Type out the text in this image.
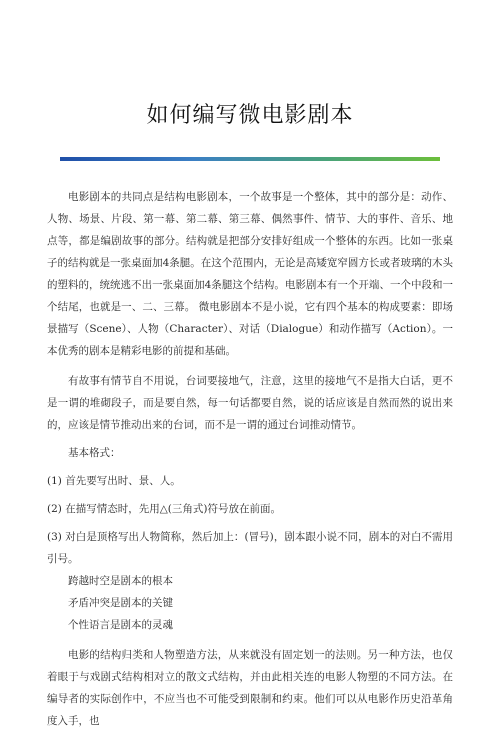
如何编写微电影剧本

电影剧本的共同点是结构电影剧本，一个故事是一个整体，其中的部分是：动作、人物、场景、片段、第一幕、第二幕、第三幕、偶然事件、情节、大的事件、音乐、地点等，都是编剧故事的部分。结构就是把部分安排好组成一个整体的东西。比如一张桌子的结构就是一张桌面加4条腿。在这个范围内，无论是高矮宽窄圆方长或者玻璃的木头的塑料的，统统逃不出一张桌面加4条腿这个结构。电影剧本有一个开端、一个中段和一个结尾，也就是一、二、三幕。 微电影剧本不是小说，它有四个基本的构成要素：即场景描写（Scene）、人物（Character）、对话（Dialogue）和动作描写（Action）。一本优秀的剧本是精彩电影的前提和基础。

有故事有情节自不用说，台词要接地气，注意，这里的接地气不是指大白话，更不是一谓的堆砌段子，而是要自然，每一句话都要自然，说的话应该是自然而然的说出来的，应该是情节推动出来的台词，而不是一谓的通过台词推动情节。

基本格式：

(1) 首先要写出时、景、人。

(2) 在描写情态时，先用△(三角式)符号放在前面。

(3) 对白是顶格写出人物简称，然后加上：(冒号)，剧本跟小说不同，剧本的对白不需用引号。

跨越时空是剧本的根本

矛盾冲突是剧本的关键

个性语言是剧本的灵魂

电影的结构归类和人物塑造方法，从来就没有固定划一的法则。另一种方法，也仅着眼于与戏剧式结构相对立的散文式结构，并由此相关连的电影人物塑的不同方法。在编导者的实际创作中，不应当也不可能受到限制和约束。他们可以从电影作历史沿革角度入手，也
